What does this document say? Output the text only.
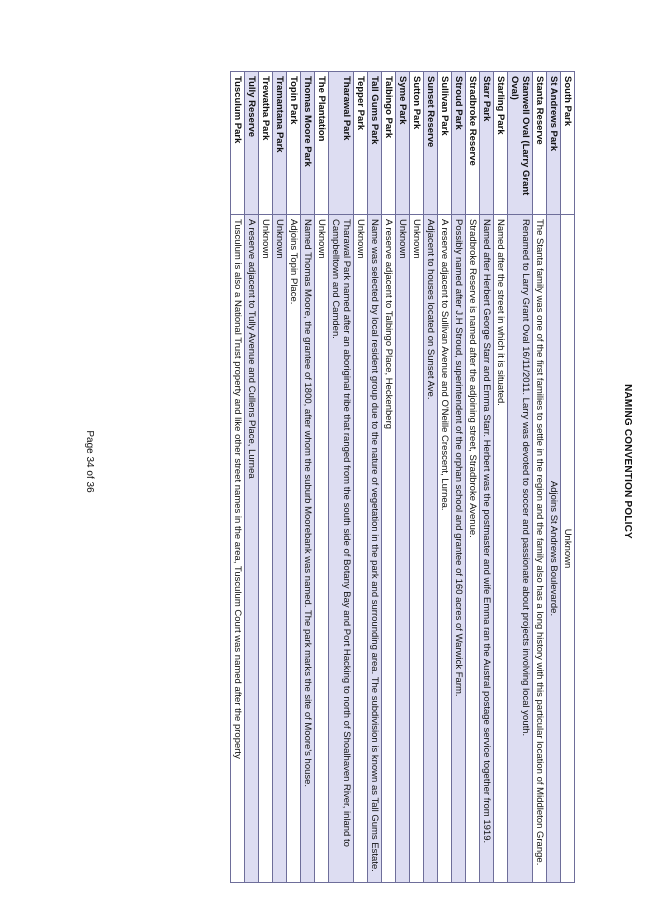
NAMING CONVENTION POLICY
South Park	Unknown
St Andrews Park	Adjoins St Andrews Boulevarde.
Stanta Reserve	The Stanta family was one of the first families to settle in the region and the family also has a long history with this particular location of Middleton Grange.
Stanwell Oval (Larry Grant Oval)	Renamed to Larry Grant Oval 16/11/2011. Larry was devoted to soccer and passionate about projects involving local youth.
Starling Park	Named after the street in which it is situated.
Starr Park	Named after Herbert George Starr and Emma Starr. Herbert was the postmaster and wife Emma ran the Austral postage service together from 1919.
Stradbroke Reserve	Stradbroke Reserve is named after the adjoining street, Stradbroke Avenue.
Stroud Park	Possibly named after J.H Stroud, superintendent of the orphan school and grantee of 160 acres of Warwick Farm.
Sullivan Park	A reserve adjacent to Sullivan Avenue and O'Neille Crescent, Lurnea.
Sunset Reserve	Adjacent to houses located on Sunset Ave.
Sutton Park	Unknown
Syme Park	Unknown
Talbingo Park	A reserve adjacent to Talbingo Place, Heckenberg
Tall Gums Park	Name was selected by local resident group due to the nature of vegetation in the park and surrounding area. The subdivision is known as Tall Gums Estate.
Tepper Park	Unknown
Tharawal Park	Tharawal Park named after an aboriginal tribe that ranged from the south side of Botany Bay and Port Hacking to north of Shoalhaven River, inland to Campbelltown and Camden.
The Plantation	Unknown
Thomas Moore Park	Named Thomas Moore, the grantee of 1800, after whom the suburb Moorebank was named. The park marks the site of Moore's house.
Topin Park	Adjoins Topin Place.
Tramantana Park	Unknown
Trewatha Park	Unknown
Tully Reserve	A reserve adjacent to Tully Avenue and Cullens Place, Lurnea
Tusculum Park	Tusculum is also a National Trust property and like other street names in the area, Tusculum Court was named after the property
Page 34 of 36
